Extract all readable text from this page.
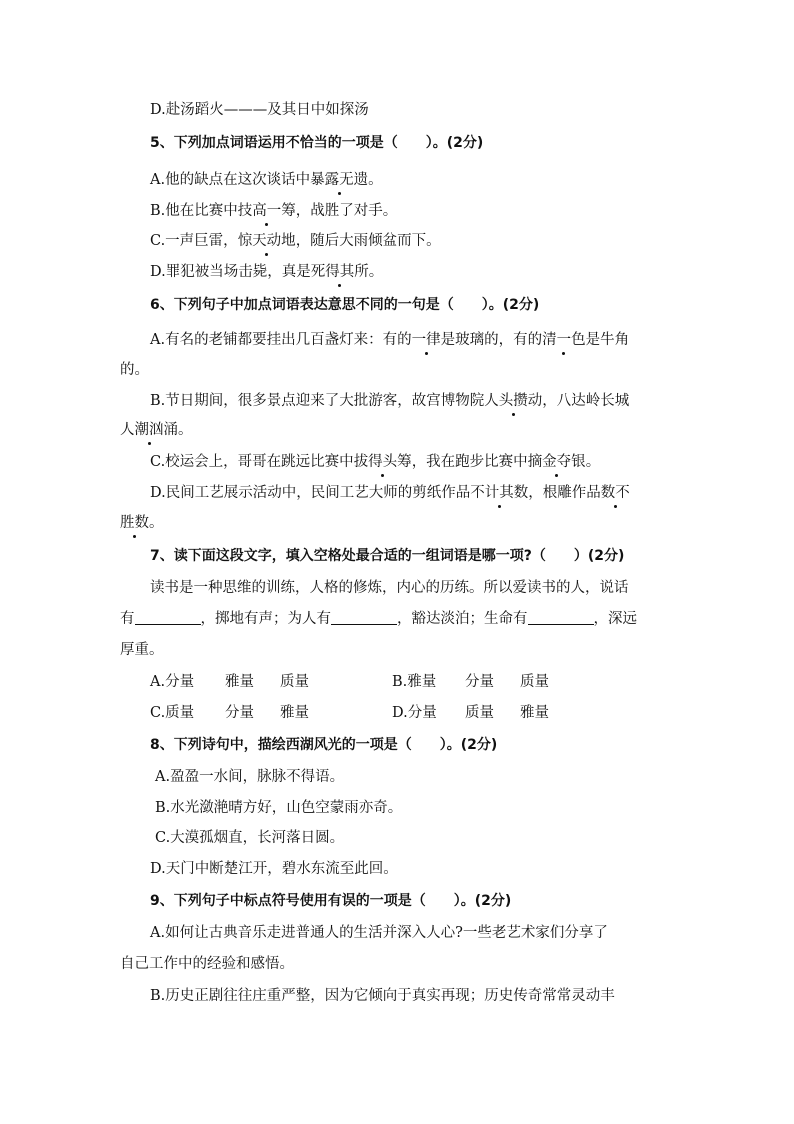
D.赴汤蹈火———及其日中如探汤
5、下列加点词语运用不恰当的一项是（　　）。(2分)
A.他的缺点在这次谈话中暴露无遗。
B.他在比赛中技高一筹，战胜了对手。
C.一声巨雷，惊天动地，随后大雨倾盆而下。
D.罪犯被当场击毙，真是死得其所。
6、下列句子中加点词语表达意思不同的一句是（　　）。(2分)
A.有名的老铺都要挂出几百盏灯来：有的一律是玻璃的，有的清一色是牛角
的。
B.节日期间，很多景点迎来了大批游客，故宫博物院人头攒动，八达岭长城
人潮汹涌。
C.校运会上，哥哥在跳远比赛中拔得头筹，我在跑步比赛中摘金夺银。
D.民间工艺展示活动中，民间工艺大师的剪纸作品不计其数，根雕作品数不
胜数。
7、读下面这段文字，填入空格处最合适的一组词语是哪一项?（　　）(2分)
读书是一种思维的训练，人格的修炼，内心的历练。所以爱读书的人，说话
有	，掷地有声；为人有	，豁达淡泊；生命有	，深远
厚重。
A.分量 雅量 质量	B.雅量 分量 质量
C.质量 分量 雅量	D.分量 质量 雅量
8、下列诗句中，描绘西湖风光的一项是（　　）。(2分)
A.盈盈一水间，脉脉不得语。
B.水光潋滟晴方好，山色空蒙雨亦奇。
C.大漠孤烟直，长河落日圆。
D.天门中断楚江开，碧水东流至此回。
9、下列句子中标点符号使用有误的一项是（　　）。(2分)
A.如何让古典音乐走进普通人的生活并深入人心?一些老艺术家们分享了
自己工作中的经验和感悟。
B.历史正剧往往庄重严整，因为它倾向于真实再现；历史传奇常常灵动丰
